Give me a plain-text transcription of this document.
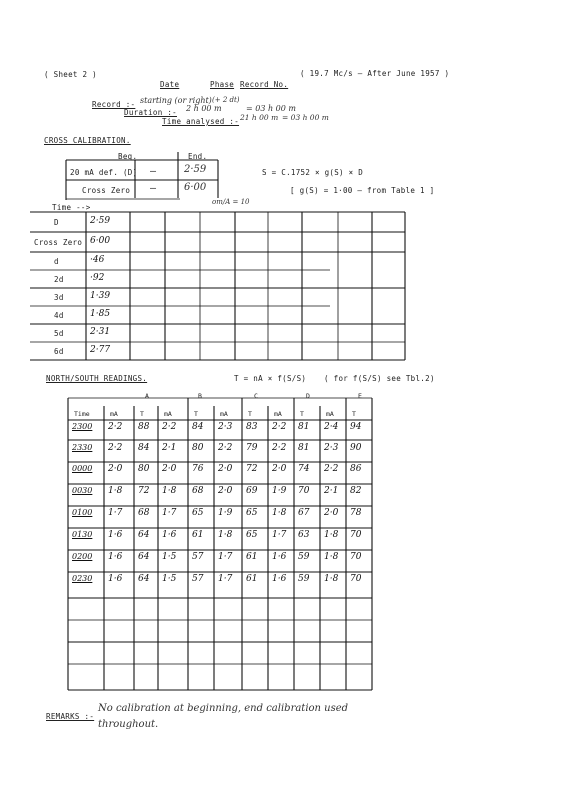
( Sheet 2 )	( 19.7 Mc/s — After June 1957 )
Date	Phase Record No.
Record :- starting (or right) (+ 2 dt)
Duration :- 2 h 00 m	= 03 h 00 m
Time analysed :- 21 h 00 m = 03 h 00 m
CROSS CALIBRATION.
Beg.	End.
20 mA def. (D) —	2·59
Cross Zero —	6·00
S = C.1752 × g(S) × D
[ g(S) = 1·00 — from Table 1 ]
om/A = 10
Time -->
D	2·59
Cross Zero 6·00
d	·46
2d	·92
3d	1·39
4d	1·85
5d	2·31
6d	2·77
NORTH/SOUTH READINGS.	T = nA × f(S/S) ( for f(S/S) see Tbl.2)
A	B	C	D	E
Time	mA	T	mA	T	mA	T	mA	T	mA	T
2300 2·2 88 2·2 84 2·3 83 2·2 81 2·4 94
2330 2·2 84 2·1 80 2·2 79 2·2 81 2·3 90
0000 2·0 80 2·0 76 2·0 72 2·0 74 2·2 86
0030 1·8 72 1·8 68 2·0 69 1·9 70 2·1 82
0100 1·7 68 1·7 65 1·9 65 1·8 67 2·0 78
0130 1·6 64 1·6 61 1·8 65 1·7 63 1·8 70
0200 1·6 64 1·5 57 1·7 61 1·6 59 1·8 70
0230 1·6 64 1·5 57 1·7 61 1·6 59 1·8 70
REMARKS :-
No calibration at beginning, end calibration used
throughout.
